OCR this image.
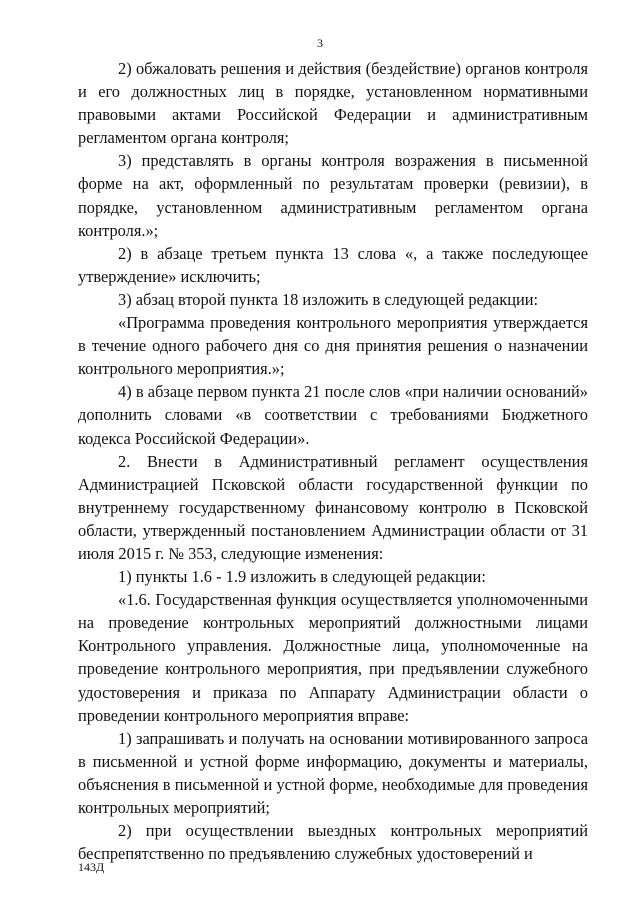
3

2) обжаловать решения и действия (бездействие) органов контроля и его должностных лиц в порядке, установленном нормативными правовыми актами Российской Федерации и административным регламентом органа контроля;

3) представлять в органы контроля возражения в письменной форме на акт, оформленный по результатам проверки (ревизии), в порядке, установленном административным регламентом органа контроля.»;

2) в абзаце третьем пункта 13 слова «, а также последующее утверждение» исключить;

3) абзац второй пункта 18 изложить в следующей редакции:

«Программа проведения контрольного мероприятия утверждается в течение одного рабочего дня со дня принятия решения о назначении контрольного мероприятия.»;

4) в абзаце первом пункта 21 после слов «при наличии оснований» дополнить словами «в соответствии с требованиями Бюджетного кодекса Российской Федерации».

2. Внести в Административный регламент осуществления Администрацией Псковской области государственной функции по внутреннему государственному финансовому контролю в Псковской области, утвержденный постановлением Администрации области от 31 июля 2015 г. № 353, следующие изменения:

1) пункты 1.6 - 1.9 изложить в следующей редакции:

«1.6. Государственная функция осуществляется уполномоченными на проведение контрольных мероприятий должностными лицами Контрольного управления. Должностные лица, уполномоченные на проведение контрольного мероприятия, при предъявлении служебного удостоверения и приказа по Аппарату Администрации области о проведении контрольного мероприятия вправе:

1) запрашивать и получать на основании мотивированного запроса в письменной и устной форме информацию, документы и материалы, объяснения в письменной и устной форме, необходимые для проведения контрольных мероприятий;

2) при осуществлении выездных контрольных мероприятий беспрепятственно по предъявлению служебных удостоверений и

143Д
